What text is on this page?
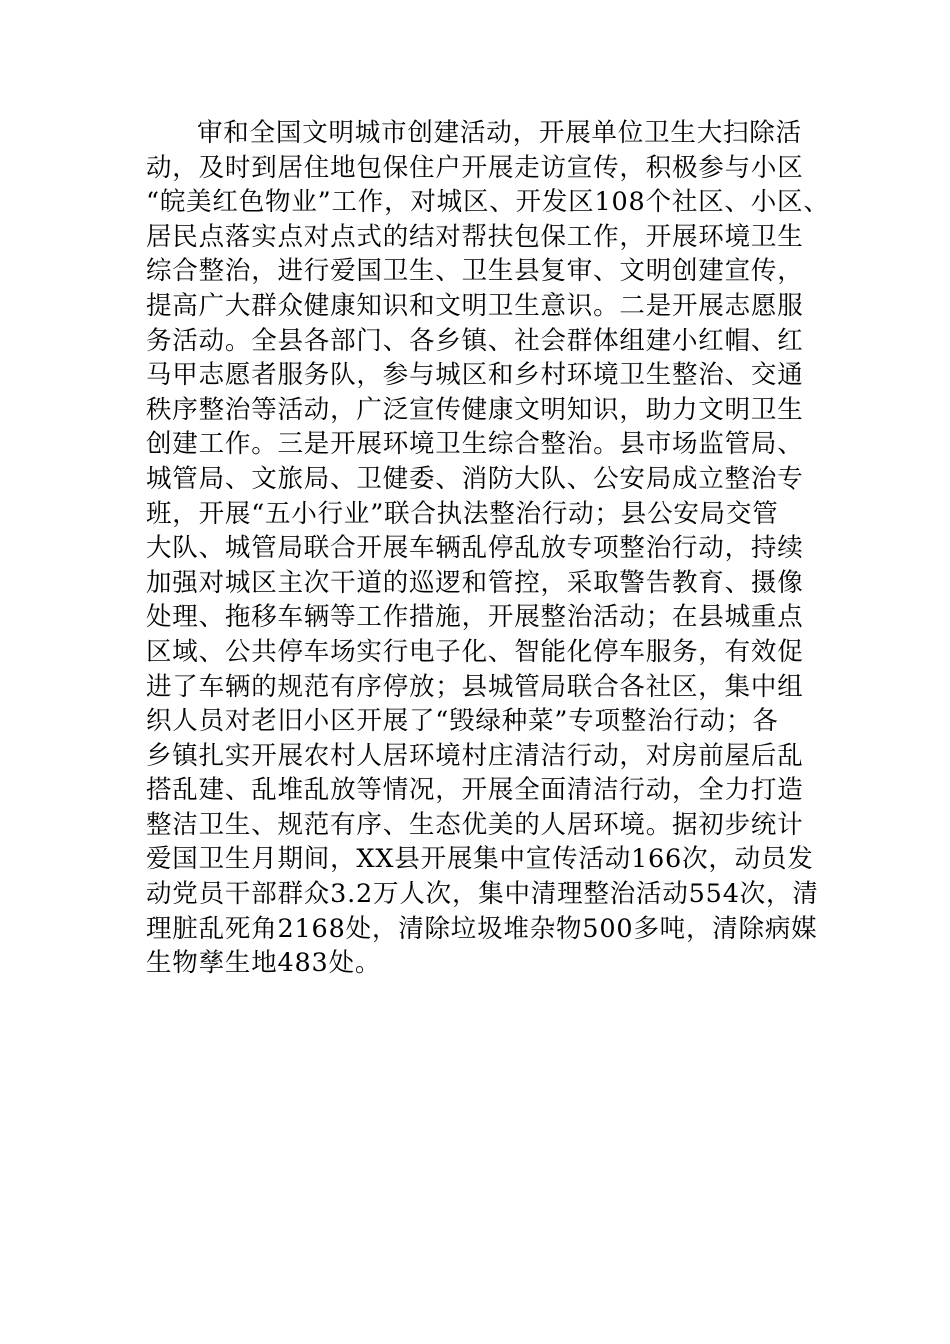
审和全国文明城市创建活动，开展单位卫生大扫除活
动，及时到居住地包保住户开展走访宣传，积极参与小区
“皖美红色物业”工作，对城区、开发区108个社区、小区、
居民点落实点对点式的结对帮扶包保工作，开展环境卫生
综合整治，进行爱国卫生、卫生县复审、文明创建宣传，
提高广大群众健康知识和文明卫生意识。二是开展志愿服
务活动。全县各部门、各乡镇、社会群体组建小红帽、红
马甲志愿者服务队，参与城区和乡村环境卫生整治、交通
秩序整治等活动，广泛宣传健康文明知识，助力文明卫生
创建工作。三是开展环境卫生综合整治。县市场监管局、
城管局、文旅局、卫健委、消防大队、公安局成立整治专
班，开展“五小行业”联合执法整治行动；县公安局交管
大队、城管局联合开展车辆乱停乱放专项整治行动，持续
加强对城区主次干道的巡逻和管控，采取警告教育、摄像
处理、拖移车辆等工作措施，开展整治活动；在县城重点
区域、公共停车场实行电子化、智能化停车服务，有效促
进了车辆的规范有序停放；县城管局联合各社区，集中组
织人员对老旧小区开展了“毁绿种菜”专项整治行动；各
乡镇扎实开展农村人居环境村庄清洁行动，对房前屋后乱
搭乱建、乱堆乱放等情况，开展全面清洁行动，全力打造
整洁卫生、规范有序、生态优美的人居环境。据初步统计
爱国卫生月期间，XX县开展集中宣传活动166次，动员发
动党员干部群众3.2万人次，集中清理整治活动554次，清
理脏乱死角2168处，清除垃圾堆杂物500多吨，清除病媒
生物孳生地483处。
